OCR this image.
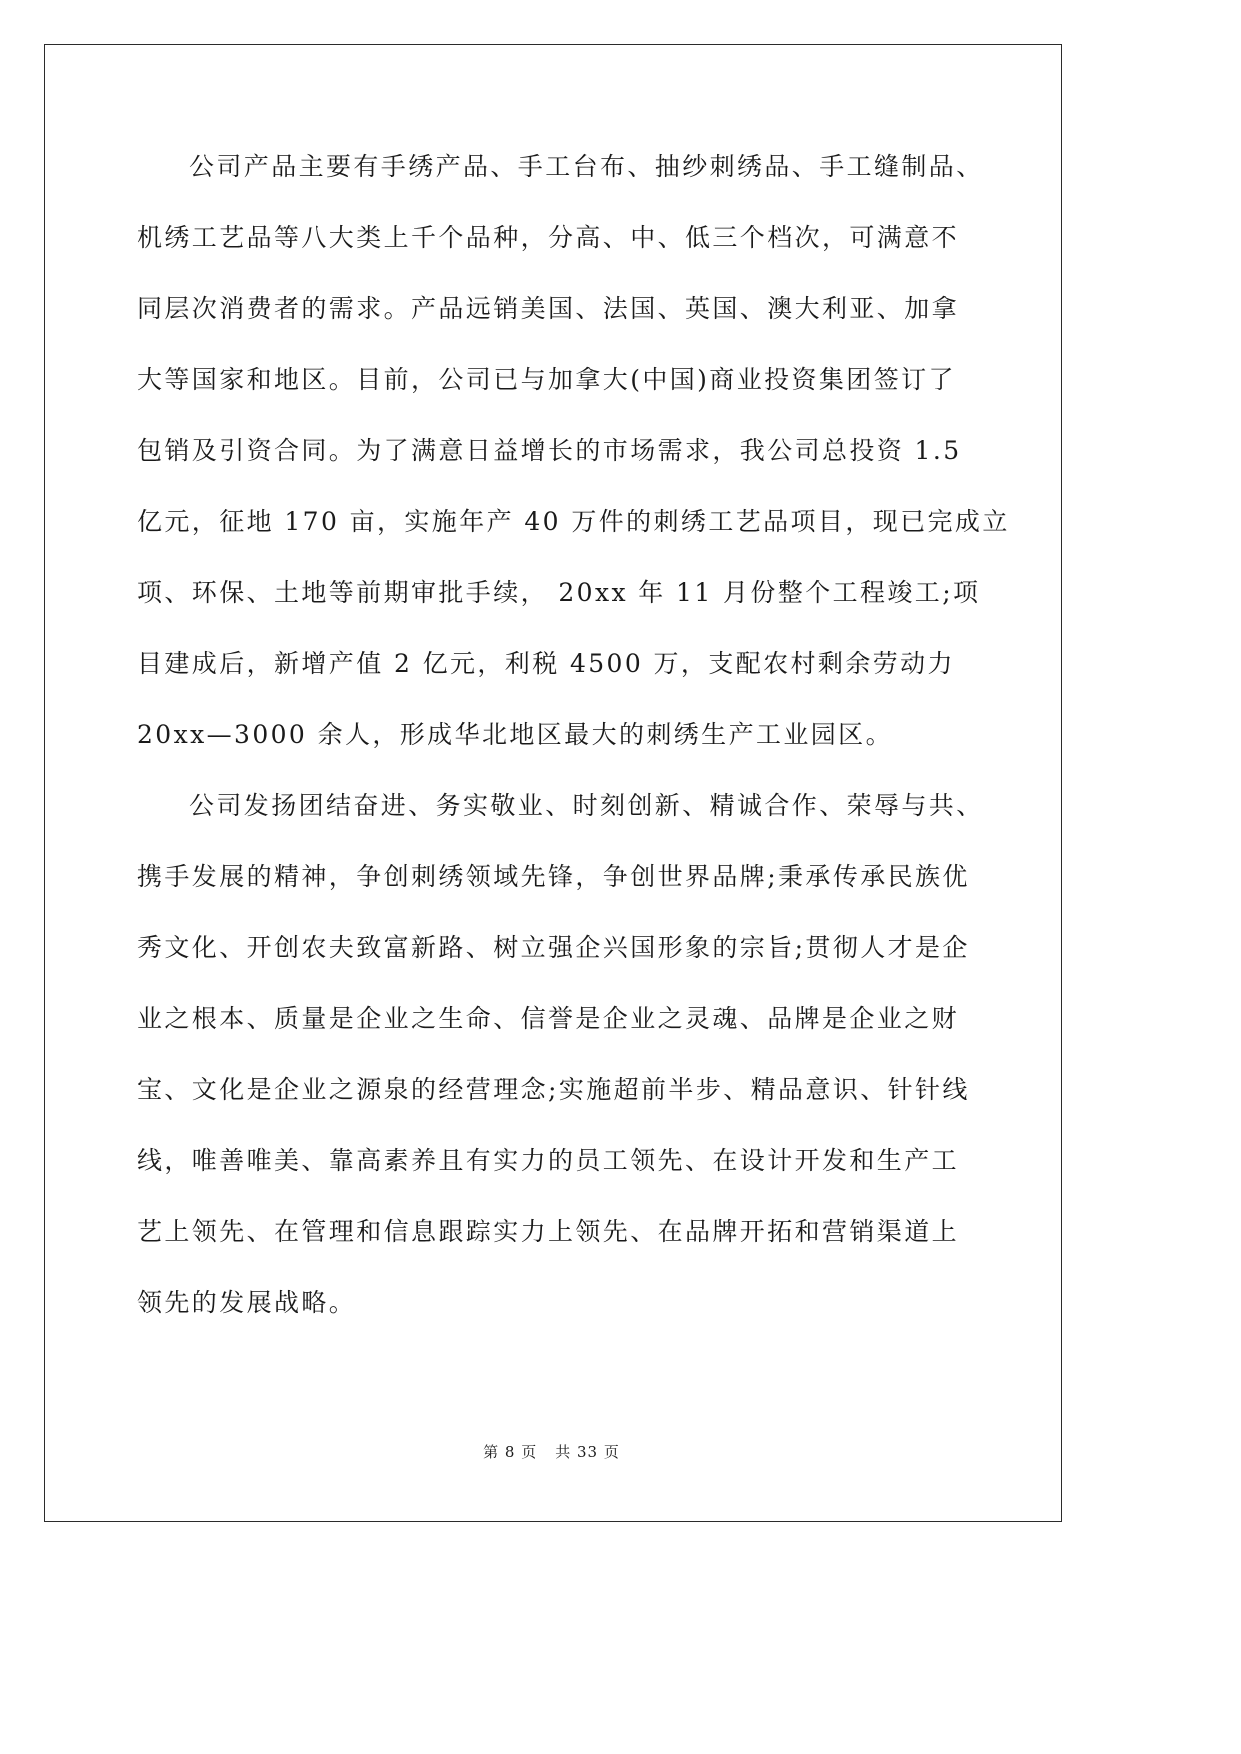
公司产品主要有手绣产品、手工台布、抽纱刺绣品、手工缝制品、
机绣工艺品等八大类上千个品种，分高、中、低三个档次，可满意不
同层次消费者的需求。产品远销美国、法国、英国、澳大利亚、加拿
大等国家和地区。目前，公司已与加拿大(中国)商业投资集团签订了
包销及引资合同。为了满意日益增长的市场需求，我公司总投资 1.5
亿元，征地 170 亩，实施年产 40 万件的刺绣工艺品项目，现已完成立
项、环保、土地等前期审批手续， 20xx 年 11 月份整个工程竣工;项
目建成后，新增产值 2 亿元，利税 4500 万，支配农村剩余劳动力
20xx—3000 余人，形成华北地区最大的刺绣生产工业园区。
公司发扬团结奋进、务实敬业、时刻创新、精诚合作、荣辱与共、
携手发展的精神，争创刺绣领域先锋，争创世界品牌;秉承传承民族优
秀文化、开创农夫致富新路、树立强企兴国形象的宗旨;贯彻人才是企
业之根本、质量是企业之生命、信誉是企业之灵魂、品牌是企业之财
宝、文化是企业之源泉的经营理念;实施超前半步、精品意识、针针线
线，唯善唯美、靠高素养且有实力的员工领先、在设计开发和生产工
艺上领先、在管理和信息跟踪实力上领先、在品牌开拓和营销渠道上
领先的发展战略。
第 8 页 共 33 页
